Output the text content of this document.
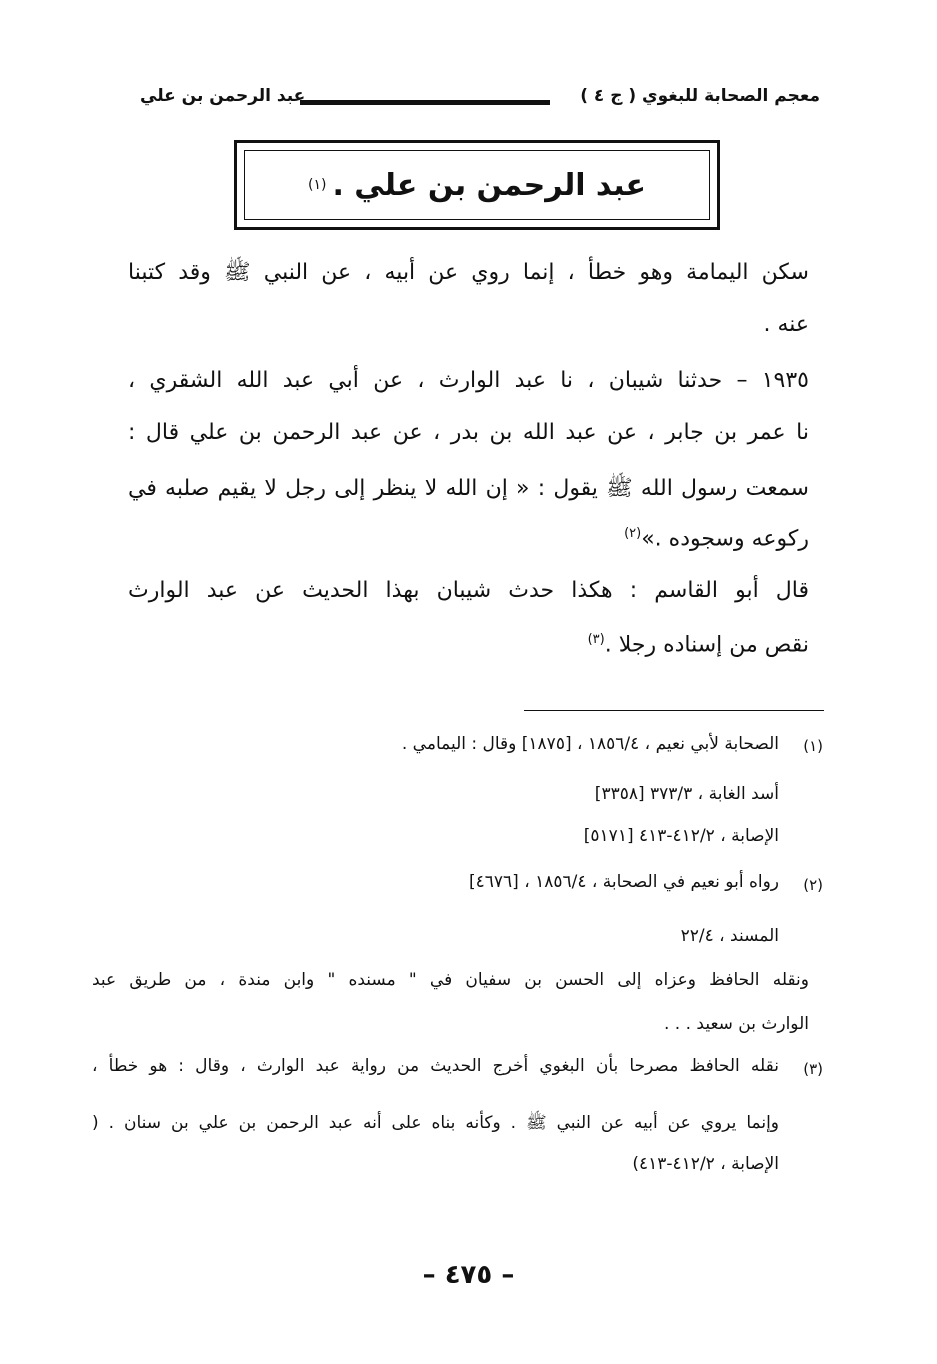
معجم الصحابة للبغوي ( ج ٤ )
عبد الرحمن بن علي
عبد الرحمن بن علي .
(١)
سكن اليمامة وهو خطأ ، إنما روي عن أبيه ، عن النبي ﷺ وقد كتبنا
عنه .
١٩٣٥ – حدثنا شيبان ، نا عبد الوارث ، عن أبي عبد الله الشقري ،
نا عمر بن جابر ، عن عبد الله بن بدر ، عن عبد الرحمن بن علي قال :
سمعت رسول الله ﷺ يقول : « إن الله لا ينظر إلى رجل لا يقيم صلبه في
ركوعه وسجوده .»$^{(٢)}$
قال أبو القاسم : هكذا حدث شيبان بهذا الحديث عن عبد الوارث
نقص من إسناده رجلا .$^{(٣)}$
(١)
الصحابة لأبي نعيم ، ١٨٥٦/٤ ، [١٨٧٥] وقال : اليمامي .
أسد الغابة ، ٣٧٣/٣ [٣٣٥٨]
الإصابة ، ٤١٢/٢-٤١٣ [٥١٧١]
(٢)
رواه أبو نعيم في الصحابة ، ١٨٥٦/٤ ، [٤٦٧٦]
المسند ، ٢٢/٤
ونقله الحافظ وعزاه إلى الحسن بن سفيان في " مسنده " وابن مندة ، من طريق عبد
الوارث بن سعيد . . .
(٣)
نقله الحافظ مصرحا بأن البغوي أخرج الحديث من رواية عبد الوارث ، وقال : هو خطأ ،
وإنما يروي عن أبيه عن النبي ﷺ . وكأنه بناه على أنه عبد الرحمن بن علي بن سنان . (
الإصابة ، ٤١٢/٢-٤١٣)
– ٤٧٥ –
